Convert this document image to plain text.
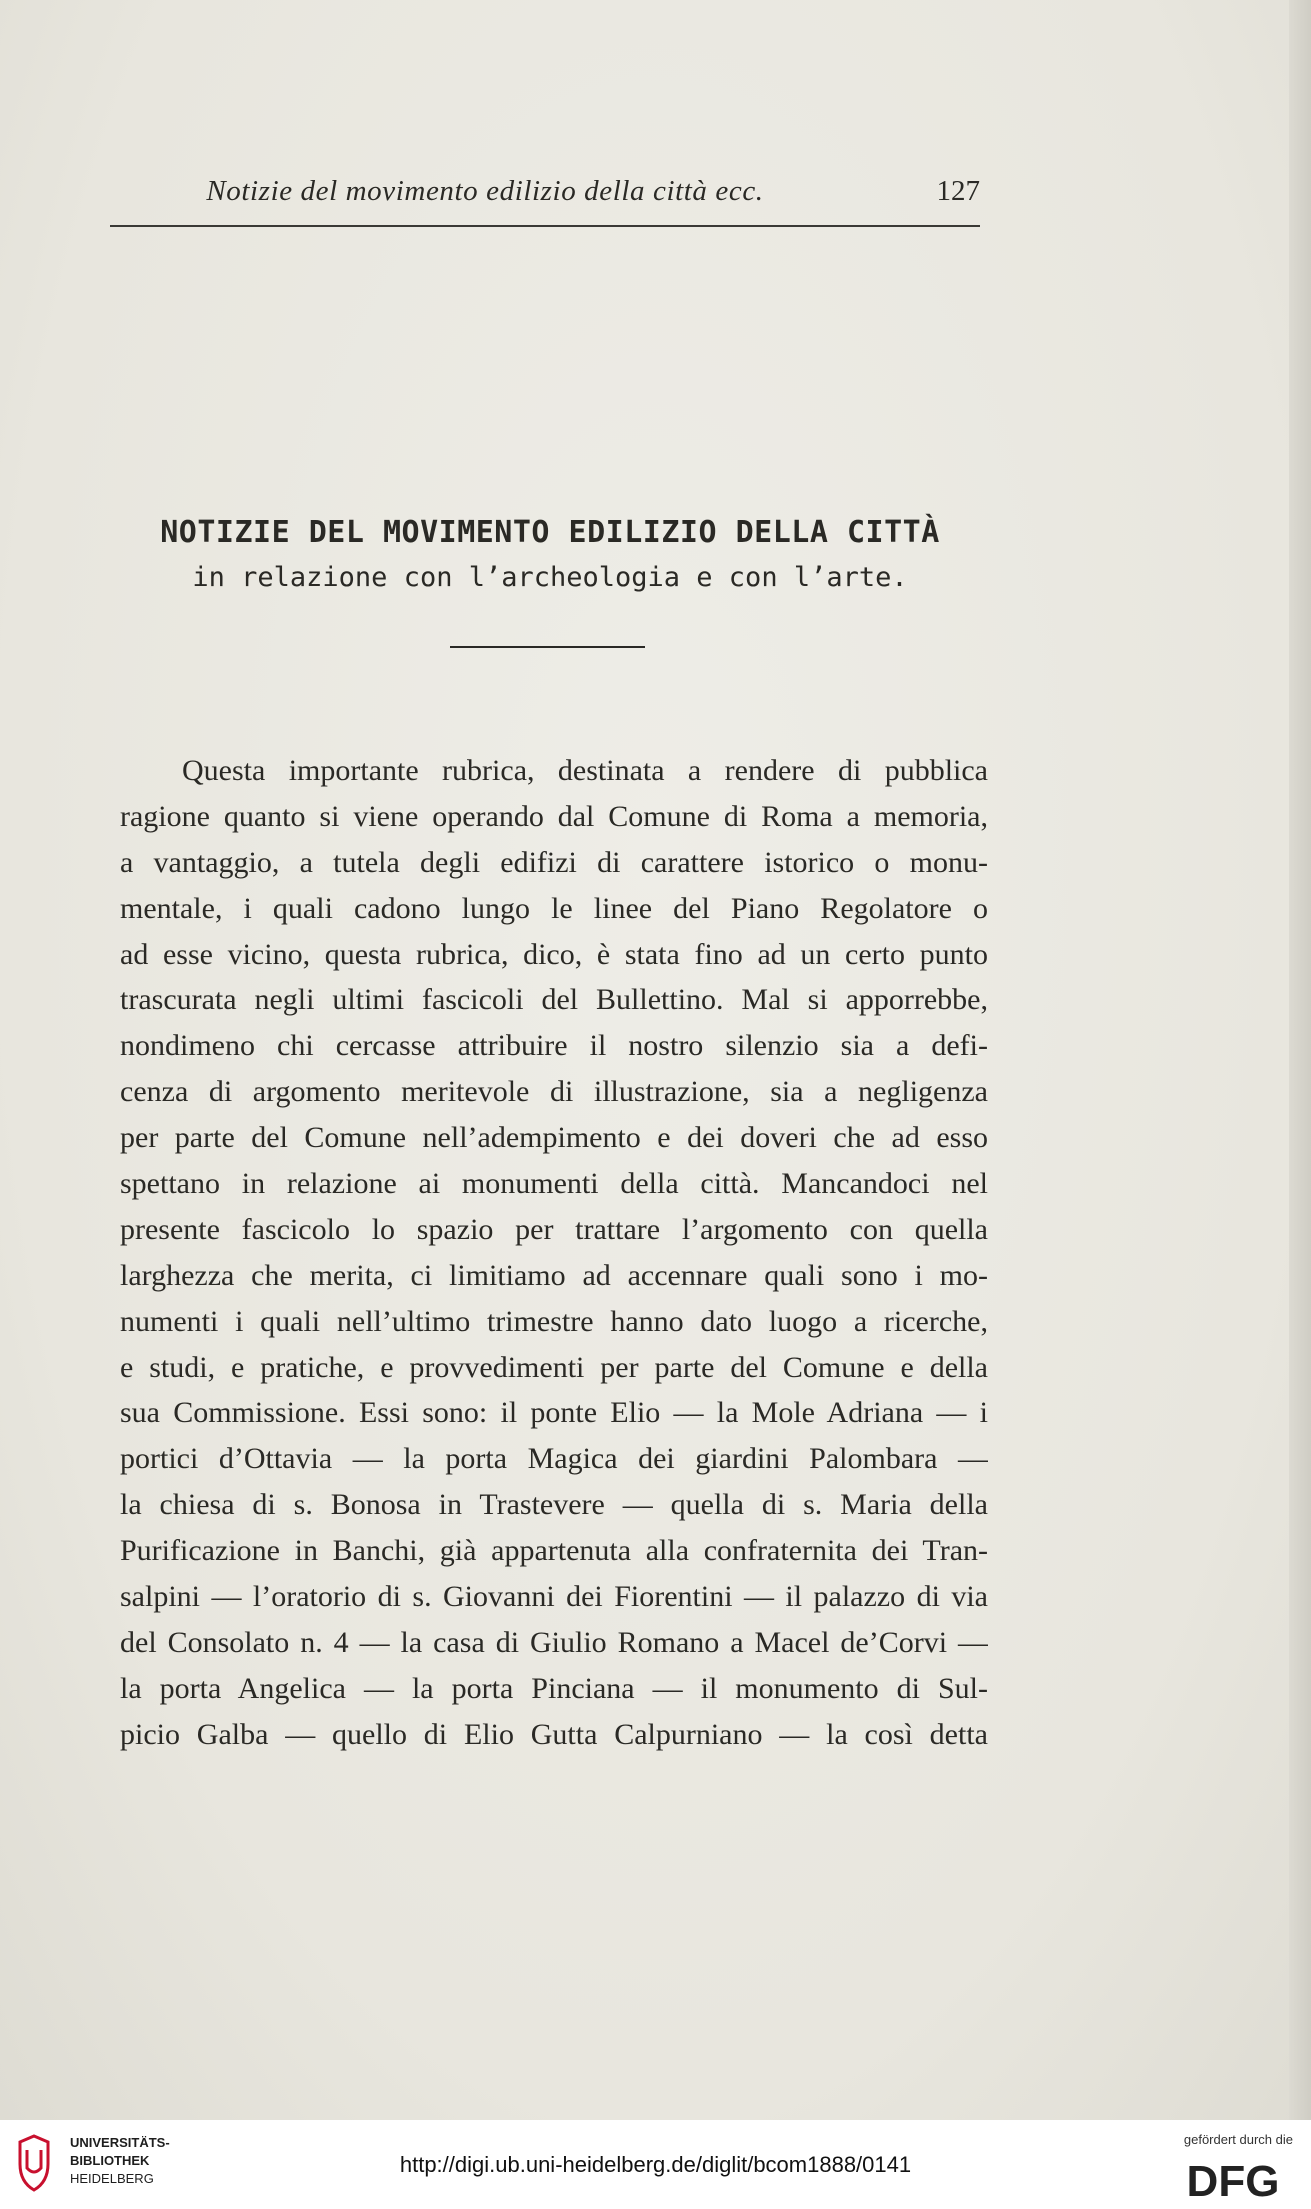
Notizie del movimento edilizio della città ecc.	127
NOTIZIE DEL MOVIMENTO EDILIZIO DELLA CITTÀ
in relazione con l’archeologia e con l’arte.
Questa importante rubrica, destinata a rendere di pubblica
ragione quanto si viene operando dal Comune di Roma a memoria,
a vantaggio, a tutela degli edifizi di carattere istorico o monu-
mentale, i quali cadono lungo le linee del Piano Regolatore o
ad esse vicino, questa rubrica, dico, è stata fino ad un certo punto
trascurata negli ultimi fascicoli del Bullettino. Mal si apporrebbe,
nondimeno chi cercasse attribuire il nostro silenzio sia a defi-
cenza di argomento meritevole di illustrazione, sia a negligenza
per parte del Comune nell’adempimento e dei doveri che ad esso
spettano in relazione ai monumenti della città. Mancandoci nel
presente fascicolo lo spazio per trattare l’argomento con quella
larghezza che merita, ci limitiamo ad accennare quali sono i mo-
numenti i quali nell’ultimo trimestre hanno dato luogo a ricerche,
e studi, e pratiche, e provvedimenti per parte del Comune e della
sua Commissione. Essi sono: il ponte Elio — la Mole Adriana — i
portici d’Ottavia — la porta Magica dei giardini Palombara —
la chiesa di s. Bonosa in Trastevere — quella di s. Maria della
Purificazione in Banchi, già appartenuta alla confraternita dei Tran-
salpini — l’oratorio di s. Giovanni dei Fiorentini — il palazzo di via
del Consolato n. 4 — la casa di Giulio Romano a Macel de’Corvi —
la porta Angelica — la porta Pinciana — il monumento di Sul-
picio Galba — quello di Elio Gutta Calpurniano — la così detta
UNIVERSITÄTS-
BIBLIOTHEK
HEIDELBERG
http://digi.ub.uni-heidelberg.de/diglit/bcom1888/0141
gefördert durch die
DFG
